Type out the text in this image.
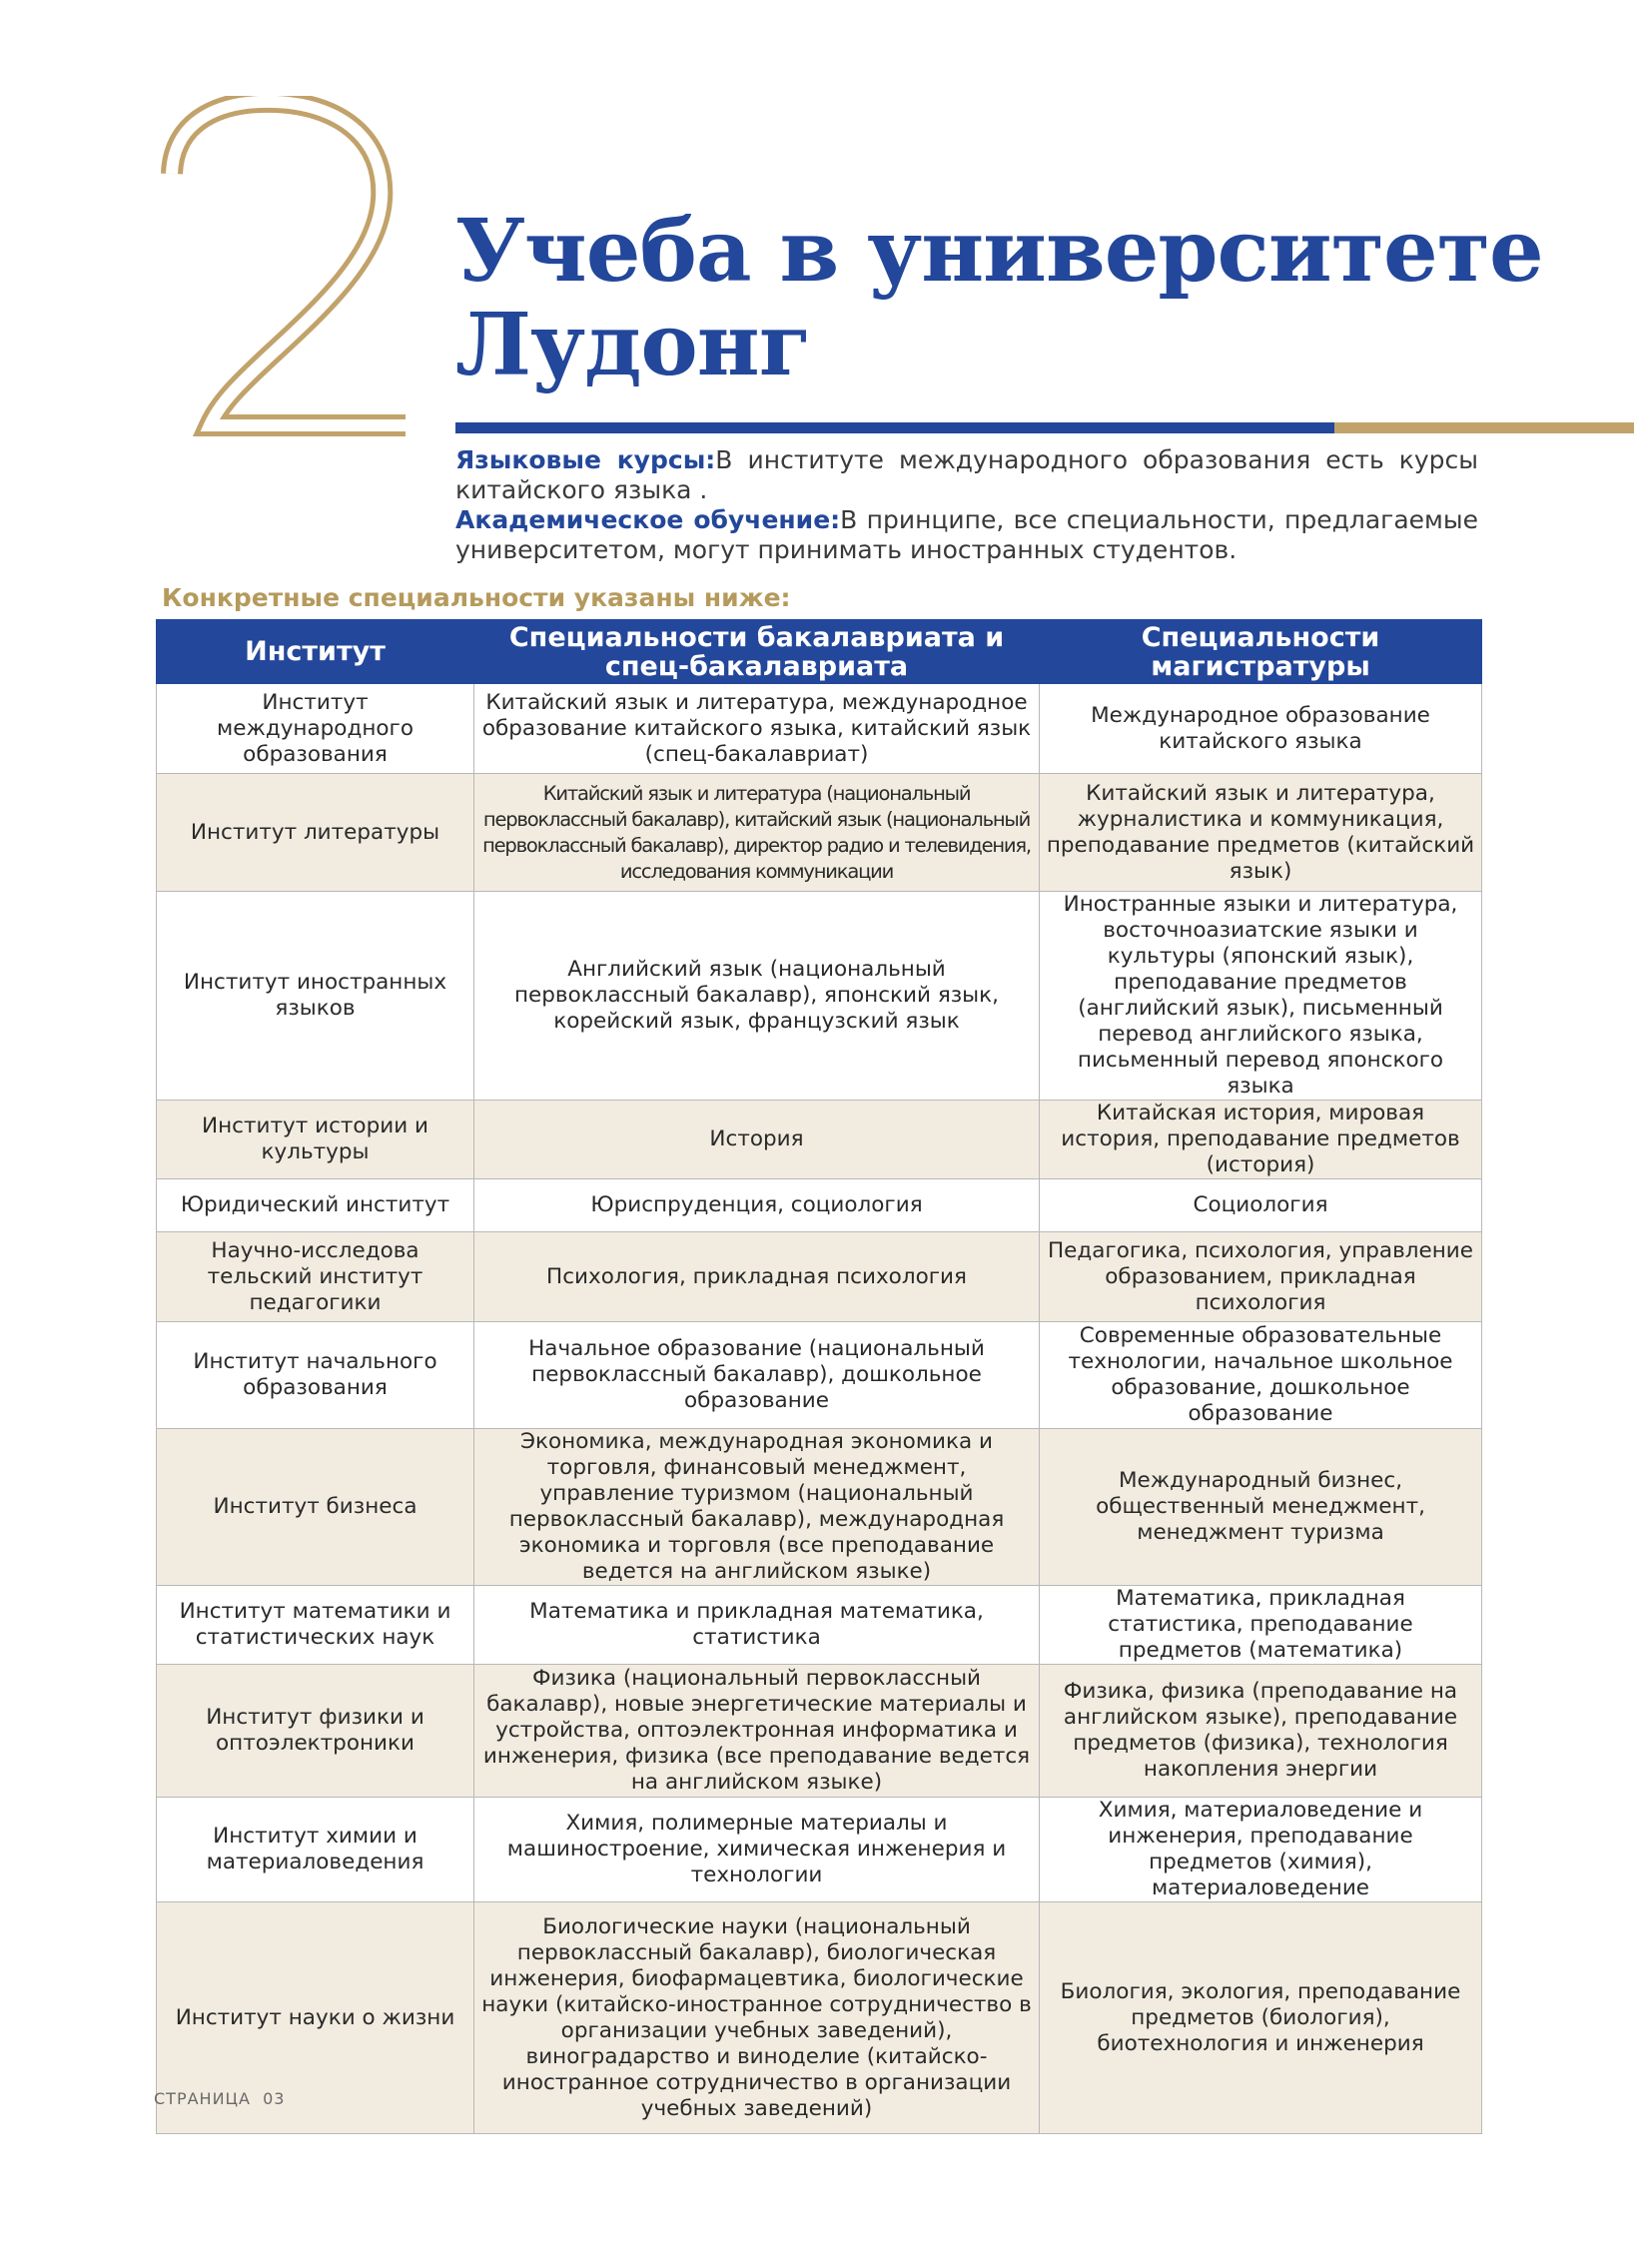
2
Учеба в университете
Лудонг

Языковые курсы:В институте международного образования есть курсы китайского языка .

Академическое обучение:В принципе, все специальности, предлагаемые университетом, могут принимать иностранных студентов.

Конкретные специальности указаны ниже:
Институт	Специальности бакалавриата и спец-бакалавриата	Специальности магистратуры
Институт международного образования	Китайский язык и литература, международное образование китайского языка, китайский язык (спец-бакалавриат)	Международное образование китайского языка
Институт литературы	Китайский язык и литература (национальный первоклассный бакалавр), китайский язык (национальный первоклассный бакалавр), директор радио и телевидения, исследования коммуникации	Китайский язык и литература, журналистика и коммуникация, преподавание предметов (китайский язык)
Институт иностранных языков	Английский язык (национальный первоклассный бакалавр), японский язык, корейский язык, французский язык	Иностранные языки и литература, восточноазиатские языки и культуры (японский язык), преподавание предметов (английский язык), письменный перевод английского языка, письменный перевод японского языка
Институт истории и культуры	История	Китайская история, мировая история, преподавание предметов (история)
Юридический институт	Юриспруденция, социология	Социология
Научно-исследова тельский институт педагогики	Психология, прикладная психология	Педагогика, психология, управление образованием, прикладная психология
Институт начального образования	Начальное образование (национальный первоклассный бакалавр), дошкольное образование	Современные образовательные технологии, начальное школьное образование, дошкольное образование
Институт бизнеса	Экономика, международная экономика и торговля, финансовый менеджмент, управление туризмом (национальный первоклассный бакалавр), международная экономика и торговля (все преподавание ведется на английском языке)	Международный бизнес, общественный менеджмент, менеджмент туризма
Институт математики и статистических наук	Математика и прикладная математика, статистика	Математика, прикладная статистика, преподавание предметов (математика)
Институт физики и оптоэлектроники	Физика (национальный первоклассный бакалавр), новые энергетические материалы и устройства, оптоэлектронная информатика и инженерия, физика (все преподавание ведется на английском языке)	Физика, физика (преподавание на английском языке), преподавание предметов (физика), технология накопления энергии
Институт химии и материаловедения	Химия, полимерные материалы и машиностроение, химическая инженерия и технологии	Химия, материаловедение и инженерия, преподавание предметов (химия), материаловедение
Институт науки о жизни	Биологические науки (национальный первоклассный бакалавр), биологическая инженерия, биофармацевтика, биологические науки (китайско-иностранное сотрудничество в организации учебных заведений), виноградарство и виноделие (китайско-иностранное сотрудничество в организации учебных заведений)	Биология, экология, преподавание предметов (биология), биотехнология и инженерия
СТРАНИЦА 03
